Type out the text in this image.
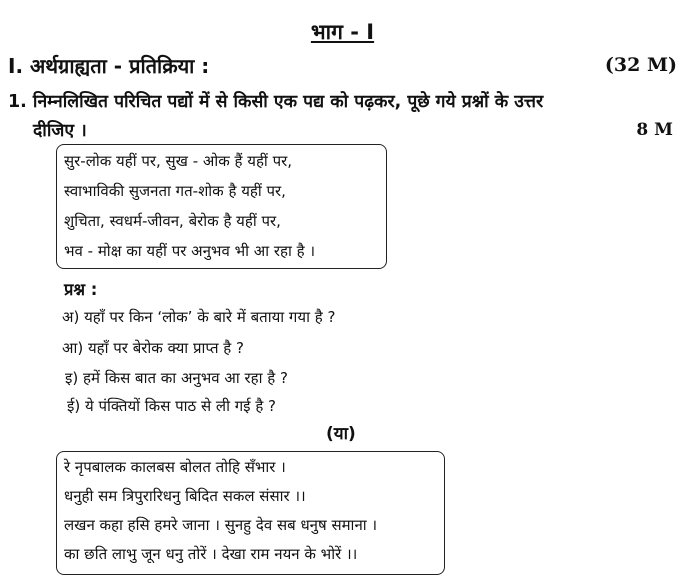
भाग - I
I. अर्थग्राह्यता - प्रतिक्रिया :	(32 M)
1. निम्नलिखित परिचित पद्यों में से किसी एक पद्य को पढ़कर, पूछे गये प्रश्नों के उत्तर
दीजिए ।	8 M
सुर-लोक यहीं पर, सुख - ओक हैं यहीं पर,
स्वाभाविकी सुजनता गत-शोक है यहीं पर,
शुचिता, स्वधर्म-जीवन, बेरोक है यहीं पर,
भव - मोक्ष का यहीं पर अनुभव भी आ रहा है ।
प्रश्न :
अ) यहाँ पर किन ‘लोक’ के बारे में बताया गया है ?
आ) यहाँ पर बेरोक क्या प्राप्त है ?
इ) हमें किस बात का अनुभव आ रहा है ?
ई) ये पंक्तियों किस पाठ से ली गई है ?
(या)
रे नृपबालक कालबस बोलत तोहि सँभार ।
धनुही सम त्रिपुरारिधनु बिदित सकल संसार ।।
लखन कहा हसि हमरे जाना । सुनहु देव सब धनुष समाना ।
का छति लाभु जून धनु तोरें । देखा राम नयन के भोरें ।।
